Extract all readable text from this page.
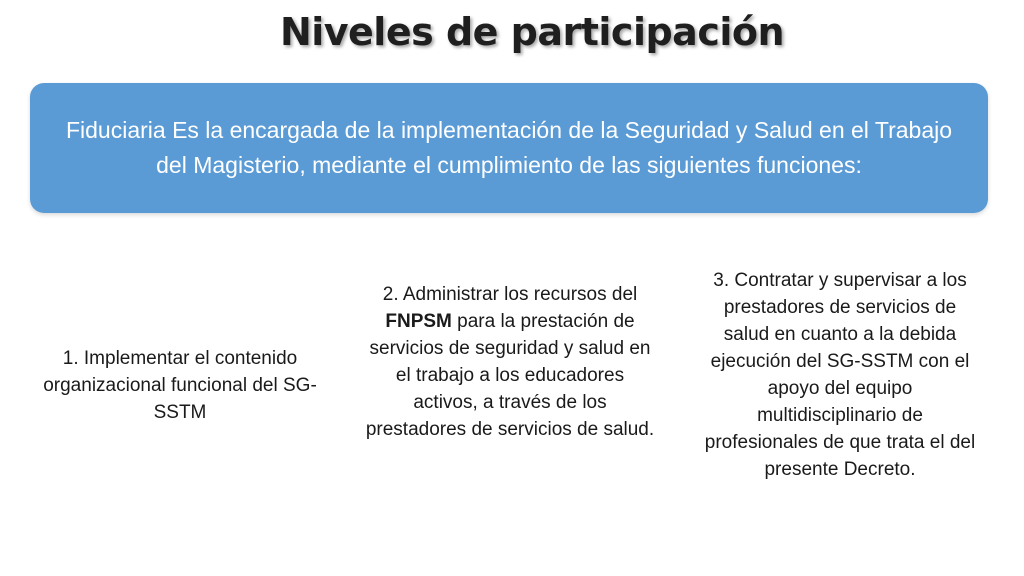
Niveles de participación
Fiduciaria Es la encargada de la implementación de la Seguridad y Salud en el Trabajo del Magisterio, mediante el cumplimiento de las siguientes funciones:
1. Implementar el contenido organizacional funcional del SG-SSTM
2. Administrar los recursos del FNPSM para la prestación de servicios de seguridad y salud en el trabajo a los educadores activos, a través de los prestadores de servicios de salud.
3. Contratar y supervisar a los prestadores de servicios de salud en cuanto a la debida ejecución del SG-SSTM con el apoyo del equipo multidisciplinario de profesionales de que trata el del presente Decreto.
